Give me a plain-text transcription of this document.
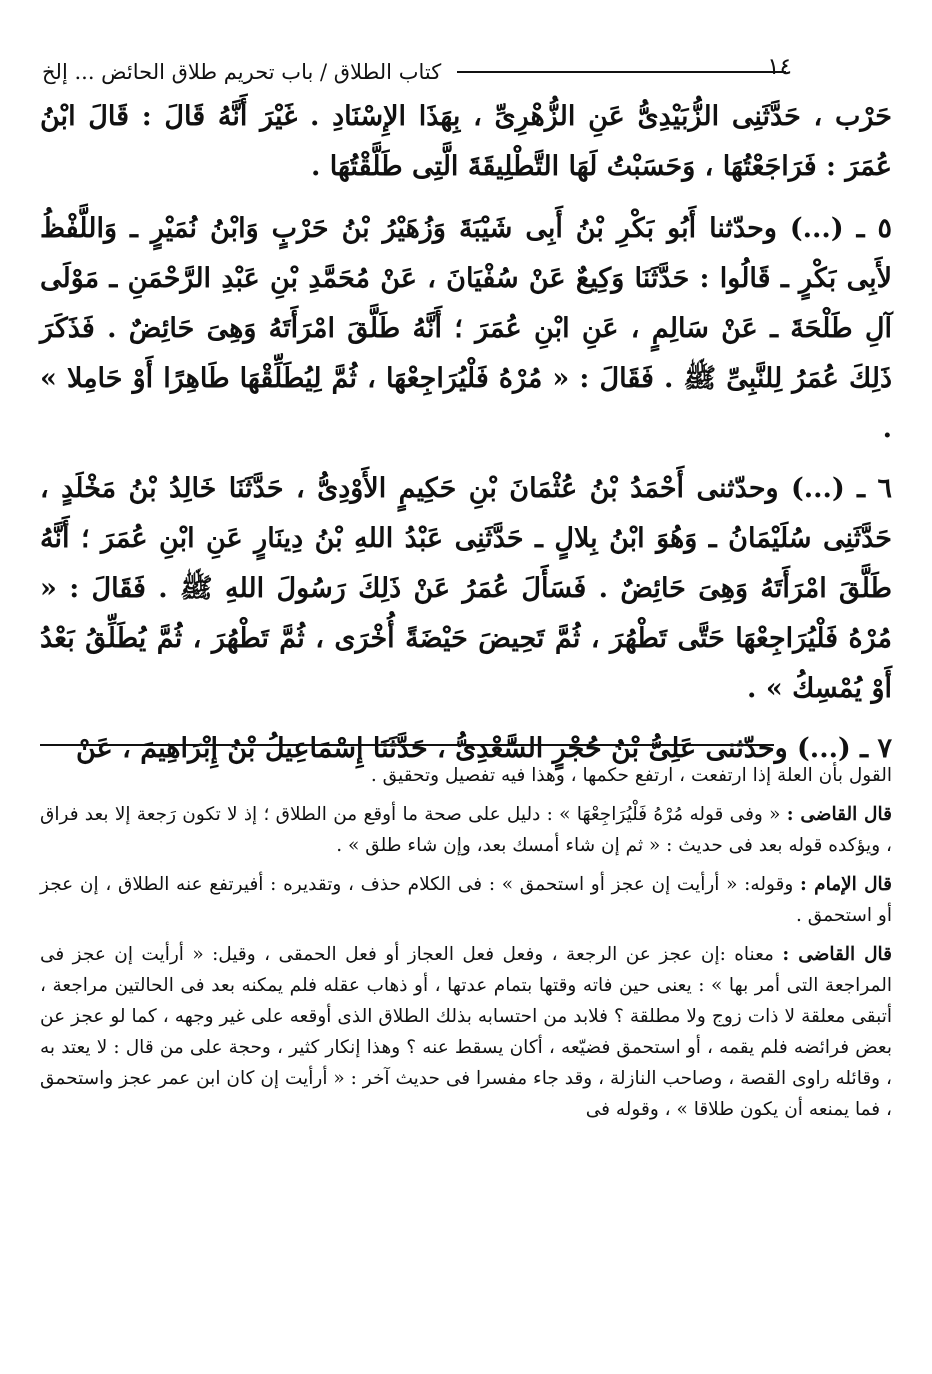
١٤
كتاب الطلاق / باب تحريم طلاق الحائض ... إلخ

حَرْب ، حَدَّثَنِى الزُّبَيْدِىُّ عَنِ الزُّهْرِىِّ ، بِهَذَا الإِسْنَادِ . غَيْرَ أَنَّهُ قَالَ : قَالَ ابْنُ عُمَرَ : فَرَاجَعْتُهَا ، وَحَسَبْتُ لَهَا التَّطْلِيقَةَ الَّتِى طَلَّقْتُهَا .

٥ ـ (...) وحدّثنا أَبُو بَكْرِ بْنُ أَبِى شَيْبَةَ وَزُهَيْرُ بْنُ حَرْبٍ وَابْنُ نُمَيْرٍ ـ وَاللَّفْظُ لأَبِى بَكْرٍ ـ قَالُوا : حَدَّثَنَا وَكِيعٌ عَنْ سُفْيَانَ ، عَنْ مُحَمَّدِ بْنِ عَبْدِ الرَّحْمَنِ ـ مَوْلَى آلِ طَلْحَةَ ـ عَنْ سَالِمٍ ، عَنِ ابْنِ عُمَرَ ؛ أَنَّهُ طَلَّقَ امْرَأَتَهُ وَهِىَ حَائِضٌ . فَذَكَرَ ذَلِكَ عُمَرُ لِلنَّبِىِّ ﷺ . فَقَالَ : « مُرْهُ فَلْيُرَاجِعْهَا ، ثُمَّ لِيُطَلِّقْهَا طَاهِرًا أَوْ حَامِلا » .

٦ ـ (...) وحدّثنى أَحْمَدُ بْنُ عُثْمَانَ بْنِ حَكِيمٍ الأَوْدِىُّ ، حَدَّثَنَا خَالِدُ بْنُ مَخْلَدٍ ، حَدَّثَنِى سُلَيْمَانُ ـ وَهُوَ ابْنُ بِلالٍ ـ حَدَّثَنِى عَبْدُ اللهِ بْنُ دِينَارٍ عَنِ ابْنِ عُمَرَ ؛ أَنَّهُ طَلَّقَ امْرَأَتَهُ وَهِىَ حَائِضٌ . فَسَأَلَ عُمَرُ عَنْ ذَلِكَ رَسُولَ اللهِ ﷺ . فَقَالَ : « مُرْهُ فَلْيُرَاجِعْهَا حَتَّى تَطْهُرَ ، ثُمَّ تَحِيضَ حَيْضَةً أُخْرَى ، ثُمَّ تَطْهُرَ ، ثُمَّ يُطَلِّقُ بَعْدُ أَوْ يُمْسِكُ » .

٧ ـ (...) وحدّثنى عَلِىُّ بْنُ حُجْرٍ السَّعْدِىُّ ، حَدَّثَنَا إِسْمَاعِيلُ بْنُ إِبْرَاهِيمَ ، عَنْ

القول بأن العلة إذا ارتفعت ، ارتفع حكمها ، وهذا فيه تفصيل وتحقيق .

قال القاضى : « وفى قوله مُرْهُ فَلْيُرَاجِعْهَا » : دليل على صحة ما أوقع من الطلاق ؛ إذ لا تكون رَجعة إلا بعد فراق ، ويؤكده قوله بعد فى حديث : « ثم إن شاء أمسك بعد، وإن شاء طلق » .

قال الإمام : وقوله: « أرأيت إن عجز أو استحمق » : فى الكلام حذف ، وتقديره : أفيرتفع عنه الطلاق ، إن عجز أو استحمق .

قال القاضى : معناه :إن عجز عن الرجعة ، وفعل فعل العجاز أو فعل الحمقى ، وقيل: « أرأيت إن عجز فى المراجعة التى أمر بها » : يعنى حين فاته وقتها بتمام عدتها ، أو ذهاب عقله فلم يمكنه بعد فى الحالتين مراجعة ، أتبقى معلقة لا ذات زوج ولا مطلقة ؟ فلابد من احتسابه بذلك الطلاق الذى أوقعه على غير وجهه ، كما لو عجز عن بعض فرائضه فلم يقمه ، أو استحمق فضيّعه ، أكان يسقط عنه ؟ وهذا إنكار كثير ، وحجة على من قال : لا يعتد به ، وقائله راوى القصة ، وصاحب النازلة ، وقد جاء مفسرا فى حديث آخر : « أرأيت إن كان ابن عمر عجز واستحمق ، فما يمنعه أن يكون طلاقا » ، وقوله فى
